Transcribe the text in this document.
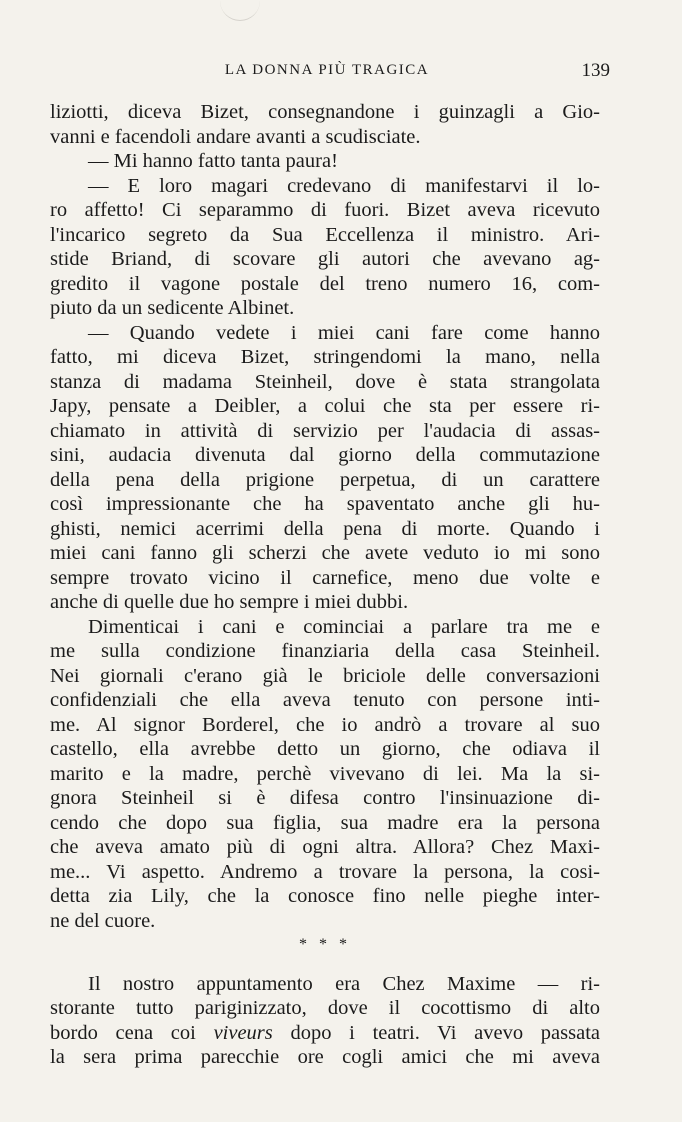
LA DONNA PIÙ TRAGICA	139
liziotti, diceva Bizet, consegnandone i guinzagli a Gio-
vanni e facendoli andare avanti a scudisciate.
— Mi hanno fatto tanta paura!
— E loro magari credevano di manifestarvi il lo-
ro affetto! Ci separammo di fuori. Bizet aveva ricevuto
l'incarico segreto da Sua Eccellenza il ministro. Ari-
stide Briand, di scovare gli autori che avevano ag-
gredito il vagone postale del treno numero 16, com-
piuto da un sedicente Albinet.
— Quando vedete i miei cani fare come hanno
fatto, mi diceva Bizet, stringendomi la mano, nella
stanza di madama Steinheil, dove è stata strangolata
Japy, pensate a Deibler, a colui che sta per essere ri-
chiamato in attività di servizio per l'audacia di assas-
sini, audacia divenuta dal giorno della commutazione
della pena della prigione perpetua, di un carattere
così impressionante che ha spaventato anche gli hu-
ghisti, nemici acerrimi della pena di morte. Quando i
miei cani fanno gli scherzi che avete veduto io mi sono
sempre trovato vicino il carnefice, meno due volte e
anche di quelle due ho sempre i miei dubbi.
Dimenticai i cani e cominciai a parlare tra me e
me sulla condizione finanziaria della casa Steinheil.
Nei giornali c'erano già le briciole delle conversazioni
confidenziali che ella aveva tenuto con persone inti-
me. Al signor Borderel, che io andrò a trovare al suo
castello, ella avrebbe detto un giorno, che odiava il
marito e la madre, perchè vivevano di lei. Ma la si-
gnora Steinheil si è difesa contro l'insinuazione di-
cendo che dopo sua figlia, sua madre era la persona
che aveva amato più di ogni altra. Allora? Chez Maxi-
me... Vi aspetto. Andremo a trovare la persona, la cosi-
detta zia Lily, che la conosce fino nelle pieghe inter-
ne del cuore.
* * *
Il nostro appuntamento era Chez Maxime — ri-
storante tutto pariginizzato, dove il cocottismo di alto
bordo cena coi viveurs dopo i teatri. Vi avevo passata
la sera prima parecchie ore cogli amici che mi aveva
